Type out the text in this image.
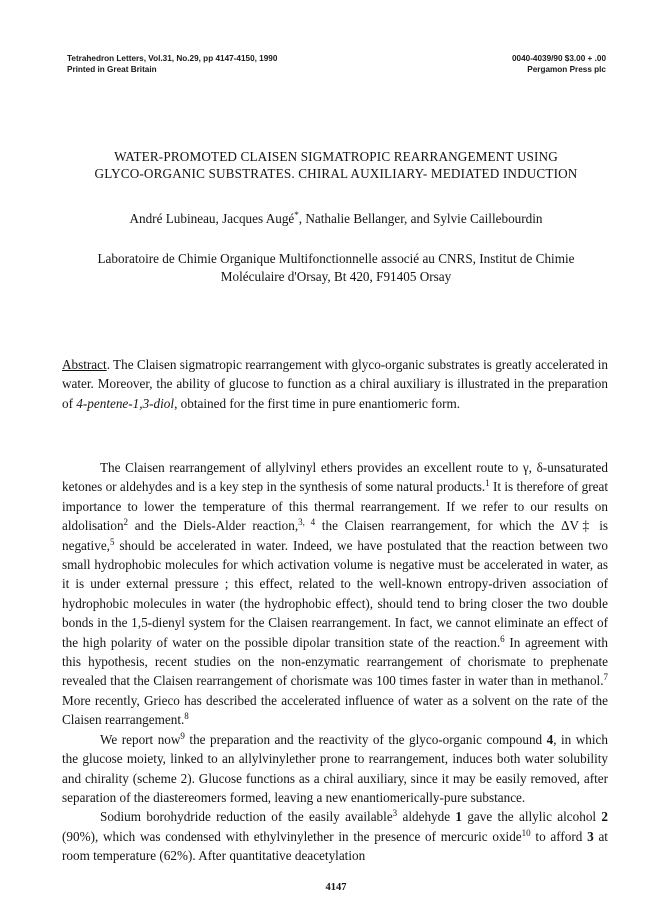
Tetrahedron Letters, Vol.31, No.29, pp 4147-4150, 1990
Printed in Great Britain
0040-4039/90 $3.00 + .00
Pergamon Press plc
WATER-PROMOTED CLAISEN SIGMATROPIC REARRANGEMENT USING
GLYCO-ORGANIC SUBSTRATES. CHIRAL AUXILIARY- MEDIATED INDUCTION
André Lubineau, Jacques Augé*, Nathalie Bellanger, and Sylvie Caillebourdin
Laboratoire de Chimie Organique Multifonctionnelle associé au CNRS, Institut de Chimie
Moléculaire d'Orsay, Bt 420, F91405 Orsay

Abstract. The Claisen sigmatropic rearrangement with glyco-organic substrates is greatly accelerated in water. Moreover, the ability of glucose to function as a chiral auxiliary is illustrated in the preparation of 4-pentene-1,3-diol, obtained for the first time in pure enantiomeric form.

The Claisen rearrangement of allylvinyl ethers provides an excellent route to γ, δ-unsaturated ketones or aldehydes and is a key step in the synthesis of some natural products.$^1$ It is therefore of great importance to lower the temperature of this thermal rearrangement. If we refer to our results on aldolisation$^2$ and the Diels-Alder reaction,$^{3, 4}$ the Claisen rearrangement, for which the ΔV‡ is negative,$^5$ should be accelerated in water. Indeed, we have postulated that the reaction between two small hydrophobic molecules for which activation volume is negative must be accelerated in water, as it is under external pressure ; this effect, related to the well-known entropy-driven association of hydrophobic molecules in water (the hydrophobic effect), should tend to bring closer the two double bonds in the 1,5-dienyl system for the Claisen rearrangement. In fact, we cannot eliminate an effect of the high polarity of water on the possible dipolar transition state of the reaction.$^6$ In agreement with this hypothesis, recent studies on the non-enzymatic rearrangement of chorismate to prephenate revealed that the Claisen rearrangement of chorismate was 100 times faster in water than in methanol.$^7$ More recently, Grieco has described the accelerated influence of water as a solvent on the rate of the Claisen rearrangement.$^8$

We report now$^9$ the preparation and the reactivity of the glyco-organic compound 4, in which the glucose moiety, linked to an allylvinylether prone to rearrangement, induces both water solubility and chirality (scheme 2). Glucose functions as a chiral auxiliary, since it may be easily removed, after separation of the diastereomers formed, leaving a new enantiomerically-pure substance.

Sodium borohydride reduction of the easily available$^3$ aldehyde 1 gave the allylic alcohol 2 (90%), which was condensed with ethylvinylether in the presence of mercuric oxide$^{10}$ to afford 3 at room temperature (62%). After quantitative deacetylation

4147
